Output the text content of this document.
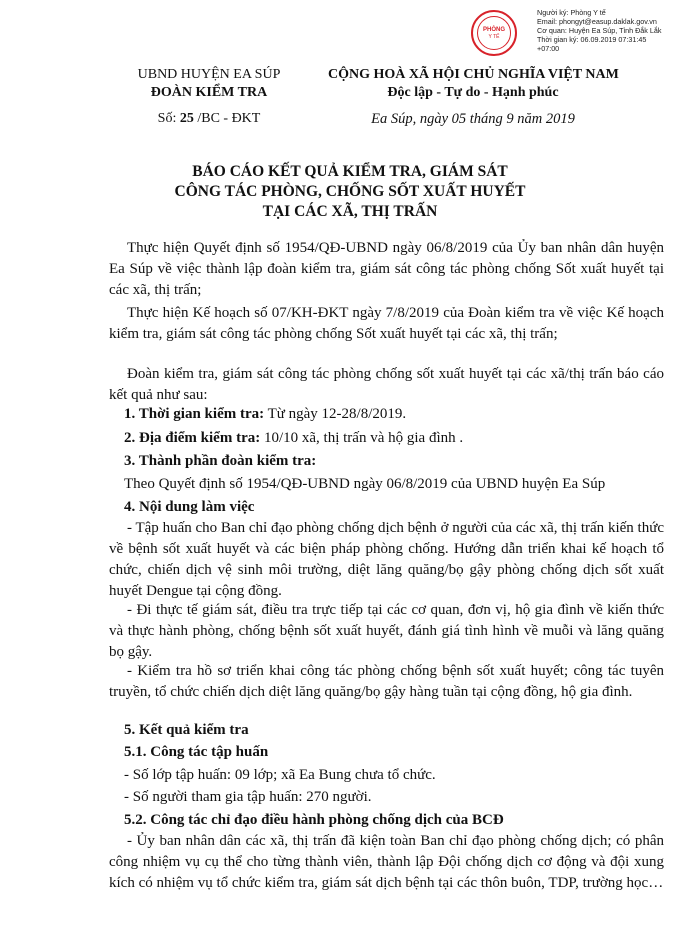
PHÒNG
Y TẾ
Người ký: Phòng Y tế
Email: phongyt@easup.daklak.gov.vn
Cơ quan: Huyện Ea Súp, Tỉnh Đắk Lắk
Thời gian ký: 06.09.2019 07:31:45
+07:00
UBND HUYỆN EA SÚP
ĐOÀN KIỂM TRA
Số: 25 /BC - ĐKT
CỘNG HOÀ XÃ HỘI CHỦ NGHĨA VIỆT NAM
Độc lập - Tự do - Hạnh phúc
Ea Súp, ngày 05 tháng 9 năm 2019
BÁO CÁO KẾT QUẢ KIỂM TRA, GIÁM SÁT
CÔNG TÁC PHÒNG, CHỐNG SỐT XUẤT HUYẾT
TẠI CÁC XÃ, THỊ TRẤN
Thực hiện Quyết định số 1954/QĐ-UBND ngày 06/8/2019 của Ủy ban nhân dân huyện Ea Súp về việc thành lập đoàn kiểm tra, giám sát công tác phòng chống Sốt xuất huyết tại các xã, thị trấn;
Thực hiện Kế hoạch số 07/KH-ĐKT ngày 7/8/2019 của Đoàn kiểm tra về việc Kế hoạch kiểm tra, giám sát công tác phòng chống Sốt xuất huyết tại các xã, thị trấn;
Đoàn kiểm tra, giám sát công tác phòng chống sốt xuất huyết tại các xã/thị trấn báo cáo kết quả như sau:
1. Thời gian kiểm tra: Từ ngày 12-28/8/2019.
2. Địa điểm kiểm tra: 10/10 xã, thị trấn và hộ gia đình .
3. Thành phần đoàn kiểm tra:
Theo Quyết định số 1954/QĐ-UBND ngày 06/8/2019 của UBND huyện Ea Súp
4. Nội dung làm việc
- Tập huấn cho Ban chỉ đạo phòng chống dịch bệnh ở người của các xã, thị trấn kiến thức về bệnh sốt xuất huyết và các biện pháp phòng chống. Hướng dẫn triển khai kế hoạch tổ chức, chiến dịch vệ sinh môi trường, diệt lăng quăng/bọ gậy phòng chống dịch sốt xuất huyết Dengue tại cộng đồng.
- Đi thực tế giám sát, điều tra trực tiếp tại các cơ quan, đơn vị, hộ gia đình về kiến thức và thực hành phòng, chống bệnh sốt xuất huyết, đánh giá tình hình về muỗi và lăng quăng bọ gậy.
- Kiểm tra hồ sơ triển khai công tác phòng chống bệnh sốt xuất huyết; công tác tuyên truyền, tổ chức chiến dịch diệt lăng quăng/bọ gậy hàng tuần tại cộng đồng, hộ gia đình.
5. Kết quả kiểm tra
5.1. Công tác tập huấn
- Số lớp tập huấn: 09 lớp; xã Ea Bung chưa tổ chức.
- Số người tham gia tập huấn: 270 người.
5.2. Công tác chỉ đạo điều hành phòng chống dịch của BCĐ
- Ủy ban nhân dân các xã, thị trấn đã kiện toàn Ban chỉ đạo phòng chống dịch; có phân công nhiệm vụ cụ thể cho từng thành viên, thành lập Đội chống dịch cơ động và đội xung kích có nhiệm vụ tổ chức kiểm tra, giám sát dịch bệnh tại các thôn buôn, TDP, trường học…
